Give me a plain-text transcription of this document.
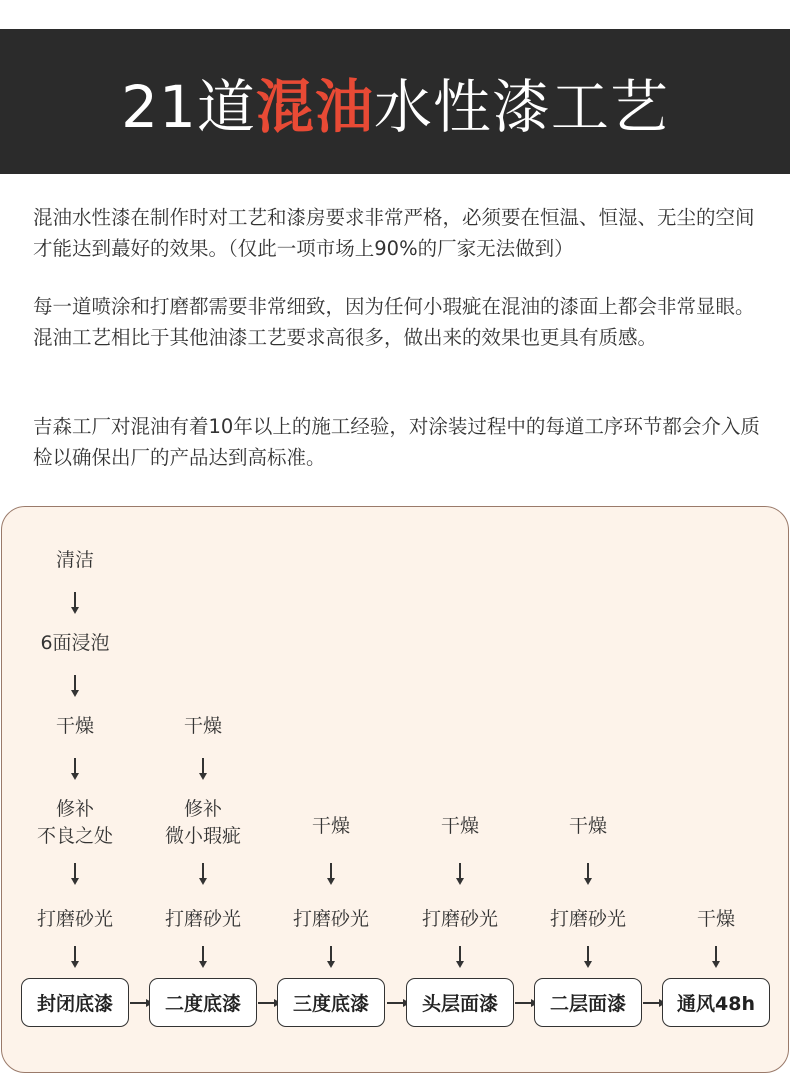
21道混油水性漆工艺

混油水性漆在制作时对工艺和漆房要求非常严格，必须要在恒温、恒湿、无尘的空间才能达到蕞好的效果。（仅此一项市场上90%的厂家无法做到）

每一道喷涂和打磨都需要非常细致，因为任何小瑕疵在混油的漆面上都会非常显眼。混油工艺相比于其他油漆工艺要求高很多，做出来的效果也更具有质感。

吉森工厂对混油有着10年以上的施工经验，对涂装过程中的每道工序环节都会介入质检以确保出厂的产品达到高标准。

清洁
6面浸泡
干燥
修补
不良之处
打磨砂光
干燥
修补
微小瑕疵
打磨砂光
干燥
打磨砂光
干燥
打磨砂光
干燥
打磨砂光	干燥
封闭底漆	二度底漆	三度底漆	头层面漆	二层面漆	通风48h
